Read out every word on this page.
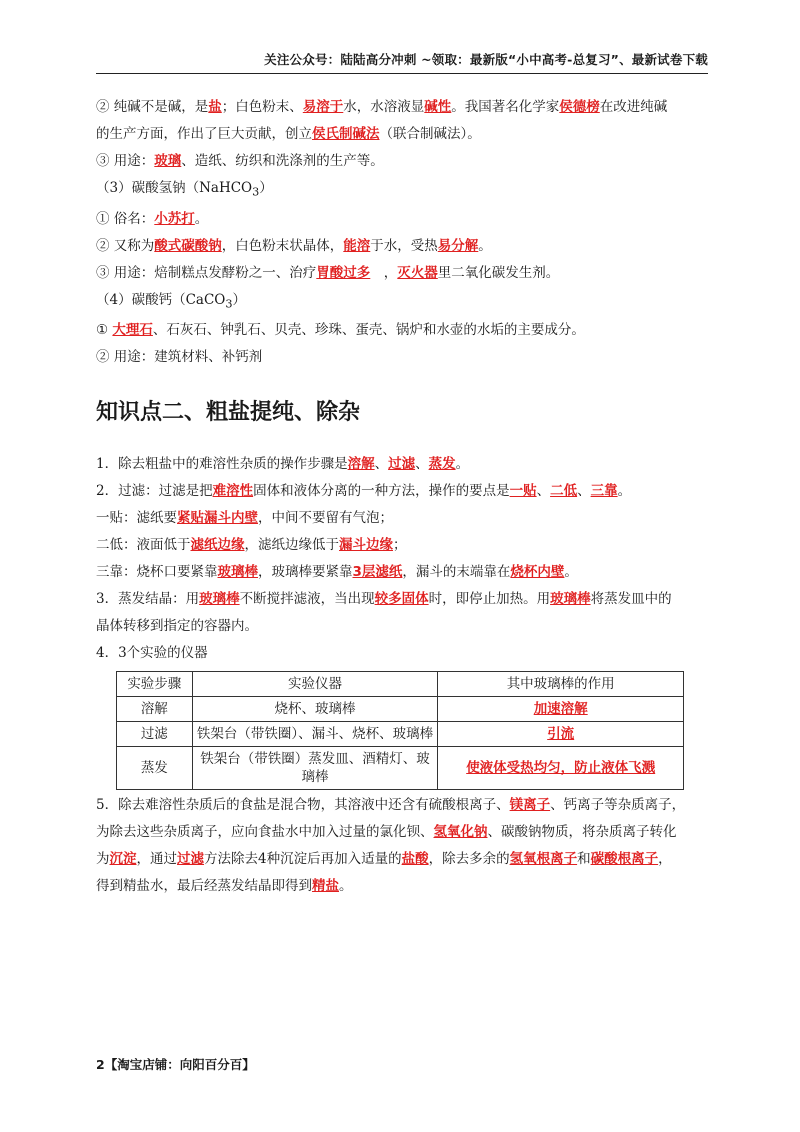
关注公众号：陆陆高分冲刺 ~领取：最新版“小中高考-总复习”、最新试卷下载

② 纯碱不是碱，是盐；白色粉末、易溶于水，水溶液显碱性。我国著名化学家侯德榜在改进纯碱

的生产方面，作出了巨大贡献，创立侯氏制碱法（联合制碱法）。

③ 用途：玻璃、造纸、纺织和洗涤剂的生产等。

（3）碳酸氢钠（NaHCO$_3$）

① 俗名：小苏打。

② 又称为酸式碳酸钠，白色粉末状晶体，能溶于水，受热易分解。

③ 用途：焙制糕点发酵粉之一、治疗胃酸过多　，灭火器里二氧化碳发生剂。

（4）碳酸钙（CaCO$_3$）

① 大理石、石灰石、钟乳石、贝壳、珍珠、蛋壳、锅炉和水壶的水垢的主要成分。

② 用途：建筑材料、补钙剂

知识点二、粗盐提纯、除杂

1．除去粗盐中的难溶性杂质的操作步骤是溶解、过滤、蒸发。

2．过滤：过滤是把难溶性固体和液体分离的一种方法，操作的要点是一贴、二低、三靠。

一贴：滤纸要紧贴漏斗内壁，中间不要留有气泡；

二低：液面低于滤纸边缘，滤纸边缘低于漏斗边缘；

三靠：烧杯口要紧靠玻璃棒，玻璃棒要紧靠3层滤纸，漏斗的末端靠在烧杯内壁。

3．蒸发结晶：用玻璃棒不断搅拌滤液，当出现较多固体时，即停止加热。用玻璃棒将蒸发皿中的

晶体转移到指定的容器内。

4．3个实验的仪器

实验步骤	实验仪器	其中玻璃棒的作用
溶解	烧杯、玻璃棒	加速溶解
过滤	铁架台（带铁圈）、漏斗、烧杯、玻璃棒	引流
蒸发	铁架台（带铁圈）蒸发皿、酒精灯、玻璃棒	使液体受热均匀，防止液体飞溅

5．除去难溶性杂质后的食盐是混合物，其溶液中还含有硫酸根离子、镁离子、钙离子等杂质离子，

为除去这些杂质离子，应向食盐水中加入过量的氯化钡、氢氧化钠、碳酸钠物质，将杂质离子转化

为沉淀，通过过滤方法除去4种沉淀后再加入适量的盐酸，除去多余的氢氧根离子和碳酸根离子，

得到精盐水，最后经蒸发结晶即得到精盐。

2【淘宝店铺：向阳百分百】
